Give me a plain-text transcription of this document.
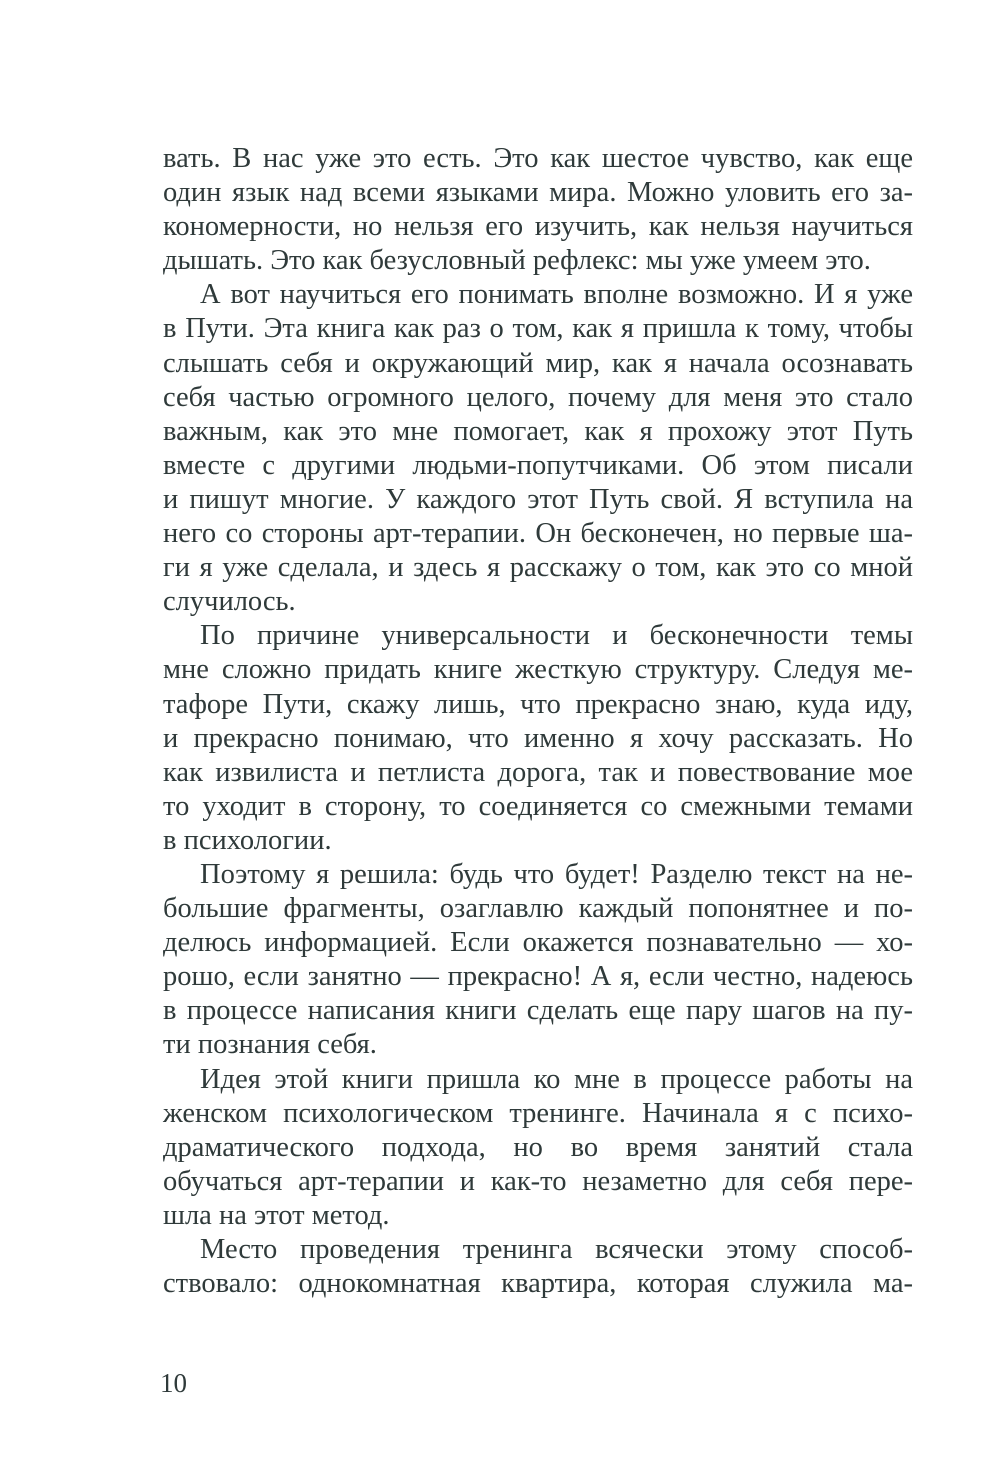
вать. В нас уже это есть. Это как шестое чувство, как еще
один язык над всеми языками мира. Можно уловить его за-
кономерности, но нельзя его изучить, как нельзя научиться
дышать. Это как безусловный рефлекс: мы уже умеем это.
А вот научиться его понимать вполне возможно. И я уже
в Пути. Эта книга как раз о том, как я пришла к тому, чтобы
слышать себя и окружающий мир, как я начала осознавать
себя частью огромного целого, почему для меня это стало
важным, как это мне помогает, как я прохожу этот Путь
вместе с другими людьми-попутчиками. Об этом писали
и пишут многие. У каждого этот Путь свой. Я вступила на
него со стороны арт-терапии. Он бесконечен, но первые ша-
ги я уже сделала, и здесь я расскажу о том, как это со мной
случилось.
По причине универсальности и бесконечности темы
мне сложно придать книге жесткую структуру. Следуя ме-
тафоре Пути, скажу лишь, что прекрасно знаю, куда иду,
и прекрасно понимаю, что именно я хочу рассказать. Но
как извилиста и петлиста дорога, так и повествование мое
то уходит в сторону, то соединяется со смежными темами
в психологии.
Поэтому я решила: будь что будет! Разделю текст на не-
большие фрагменты, озаглавлю каждый попонятнее и по-
делюсь информацией. Если окажется познавательно — хо-
рошо, если занятно — прекрасно! А я, если честно, надеюсь
в процессе написания книги сделать еще пару шагов на пу-
ти познания себя.
Идея этой книги пришла ко мне в процессе работы на
женском психологическом тренинге. Начинала я с психо-
драматического подхода, но во время занятий стала
обучаться арт-терапии и как-то незаметно для себя пере-
шла на этот метод.
Место проведения тренинга всячески этому способ-
ствовало: однокомнатная квартира, которая служила ма-
10
